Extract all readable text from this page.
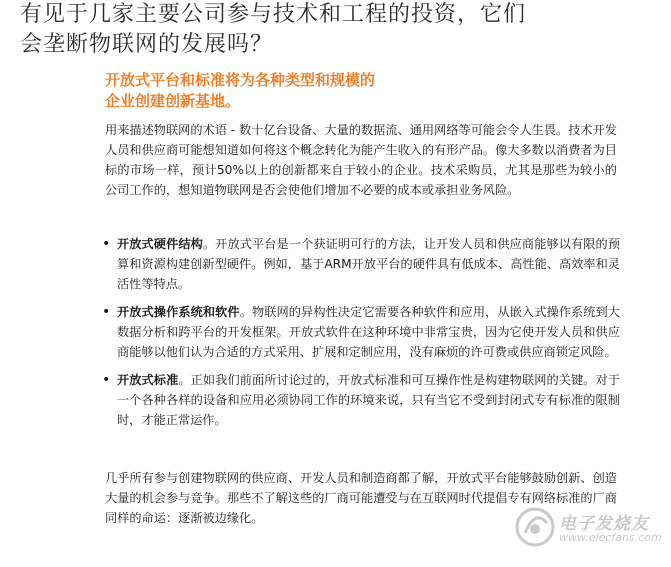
有见于几家主要公司参与技术和工程的投资，它们
会垄断物联网的发展吗？
开放式平台和标准将为各种类型和规模的
企业创建创新基地。

用来描述物联网的术语 - 数十亿台设备、大量的数据流、通用网络等可能会令人生畏。技术开发人员和供应商可能想知道如何将这个概念转化为能产生收入的有形产品。像大多数以消费者为目标的市场一样，预计50%以上的创新都来自于较小的企业。技术采购员，尤其是那些为较小的公司工作的，想知道物联网是否会使他们增加不必要的成本或承担业务风险。

• 开放式硬件结构。开放式平台是一个获证明可行的方法，让开发人员和供应商能够以有限的预算和资源构建创新型硬件。例如，基于ARM开放平台的硬件具有低成本、高性能、高效率和灵活性等特点。
• 开放式操作系统和软件。物联网的异构性决定它需要各种软件和应用，从嵌入式操作系统到大数据分析和跨平台的开发框架。开放式软件在这种环境中非常宝贵，因为它使开发人员和供应商能够以他们认为合适的方式采用、扩展和定制应用，没有麻烦的许可费或供应商锁定风险。
• 开放式标准。正如我们前面所讨论过的，开放式标准和可互操作性是构建物联网的关键。对于一个各种各样的设备和应用必须协同工作的环境来说，只有当它不受到封闭式专有标准的限制时，才能正常运作。

几乎所有参与创建物联网的供应商、开发人员和制造商都了解，开放式平台能够鼓励创新、创造大量的机会参与竞争。那些不了解这些的厂商可能遭受与在互联网时代提倡专有网络标准的厂商同样的命运：逐渐被边缘化。	电子发烧友
www.elecfans.com
